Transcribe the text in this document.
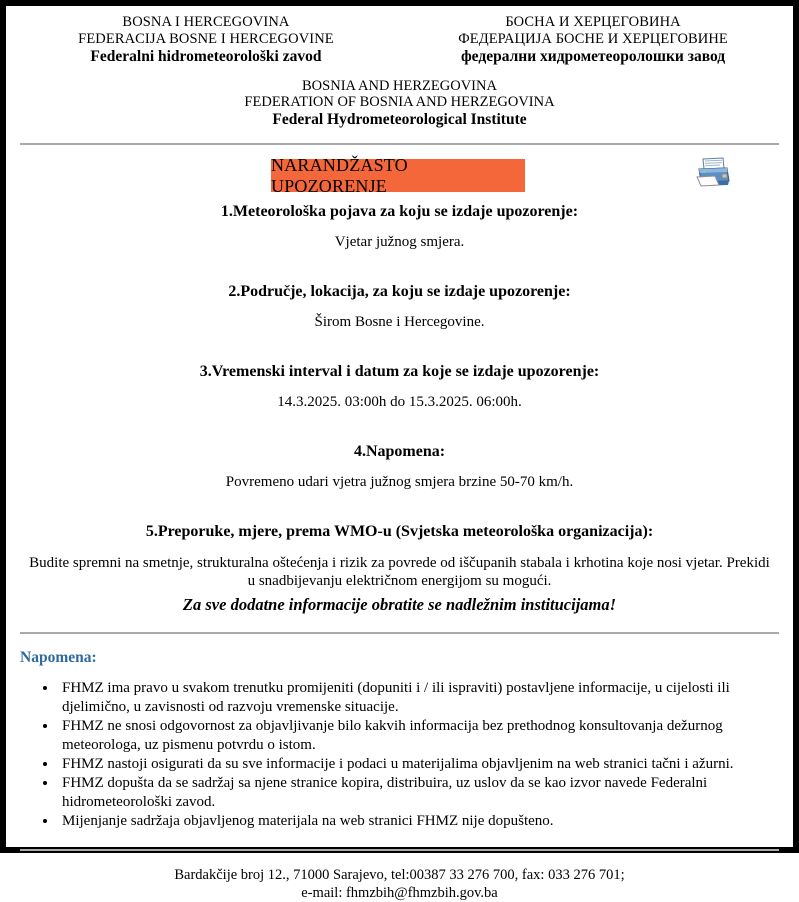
BOSNA I HERCEGOVINA
FEDERACIJA BOSNE I HERCEGOVINE
Federalni hidrometeorološki zavod
БОСНА И ХЕРЦЕГОВИНА
ФЕДЕРАЦИЈА БОСНЕ И ХЕРЦЕГОВИНЕ
федерални хидрометеоролошки завод
BOSNIA AND HERZEGOVINA
FEDERATION OF BOSNIA AND HERZEGOVINA
Federal Hydrometeorological Institute
NARANDŽASTO UPOZORENJE
1.Meteorološka pojava za koju se izdaje upozorenje:
Vjetar južnog smjera.
2.Područje, lokacija, za koju se izdaje upozorenje:
Širom Bosne i Hercegovine.
3.Vremenski interval i datum za koje se izdaje upozorenje:
14.3.2025. 03:00h do 15.3.2025. 06:00h.
4.Napomena:
Povremeno udari vjetra južnog smjera brzine 50-70 km/h.
5.Preporuke, mjere, prema WMO-u (Svjetska meteorološka organizacija):
Budite spremni na smetnje, strukturalna oštećenja i rizik za povrede od iščupanih stabala i krhotina koje nosi vjetar. Prekidi u snadbijevanju električnom energijom su mogući.
Za sve dodatne informacije obratite se nadležnim institucijama!
Napomena:
• FHMZ ima pravo u svakom trenutku promijeniti (dopuniti i / ili ispraviti) postavljene informacije, u cijelosti ili djelimično, u zavisnosti od razvoju vremenske situacije.
• FHMZ ne snosi odgovornost za objavljivanje bilo kakvih informacija bez prethodnog konsultovanja dežurnog meteorologa, uz pismenu potvrdu o istom.
• FHMZ nastoji osigurati da su sve informacije i podaci u materijalima objavljenim na web stranici tačni i ažurni.
• FHMZ dopušta da se sadržaj sa njene stranice kopira, distribuira, uz uslov da se kao izvor navede Federalni hidrometeorološki zavod.
• Mijenjanje sadržaja objavljenog materijala na web stranici FHMZ nije dopušteno.
Bardakčije broj 12., 71000 Sarajevo, tel:00387 33 276 700, fax: 033 276 701;
e-mail: fhmzbih@fhmzbih.gov.ba
